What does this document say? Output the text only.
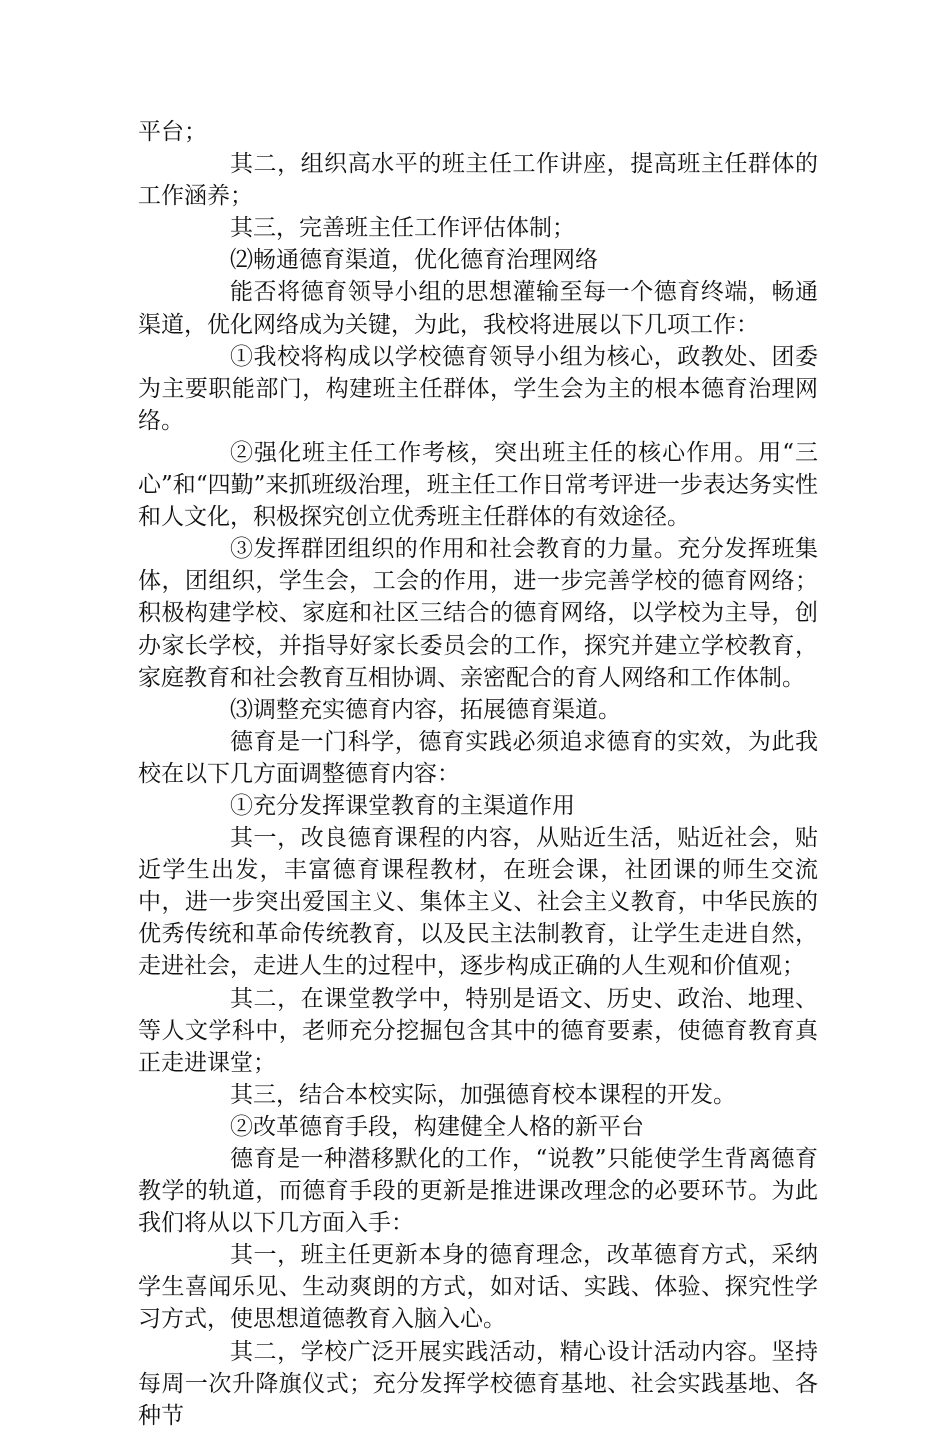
平台；

其二，组织高水平的班主任工作讲座，提高班主任群体的工作涵养；

其三，完善班主任工作评估体制；

⑵畅通德育渠道，优化德育治理网络

能否将德育领导小组的思想灌输至每一个德育终端，畅通渠道，优化网络成为关键，为此，我校将进展以下几项工作：

①我校将构成以学校德育领导小组为核心，政教处、团委为主要职能部门，构建班主任群体，学生会为主的根本德育治理网络。

②强化班主任工作考核，突出班主任的核心作用。用“三心”和“四勤”来抓班级治理，班主任工作日常考评进一步表达务实性和人文化，积极探究创立优秀班主任群体的有效途径。

③发挥群团组织的作用和社会教育的力量。充分发挥班集体，团组织，学生会，工会的作用，进一步完善学校的德育网络；积极构建学校、家庭和社区三结合的德育网络，以学校为主导，创办家长学校，并指导好家长委员会的工作，探究并建立学校教育，家庭教育和社会教育互相协调、亲密配合的育人网络和工作体制。

⑶调整充实德育内容，拓展德育渠道。

德育是一门科学，德育实践必须追求德育的实效，为此我校在以下几方面调整德育内容：

①充分发挥课堂教育的主渠道作用

其一，改良德育课程的内容，从贴近生活，贴近社会，贴近学生出发，丰富德育课程教材，在班会课，社团课的师生交流中，进一步突出爱国主义、集体主义、社会主义教育，中华民族的优秀传统和革命传统教育，以及民主法制教育，让学生走进自然，走进社会，走进人生的过程中，逐步构成正确的人生观和价值观；

其二，在课堂教学中，特别是语文、历史、政治、地理、等人文学科中，老师充分挖掘包含其中的德育要素，使德育教育真正走进课堂；

其三，结合本校实际，加强德育校本课程的开发。

②改革德育手段，构建健全人格的新平台

德育是一种潜移默化的工作，“说教”只能使学生背离德育教学的轨道，而德育手段的更新是推进课改理念的必要环节。为此我们将从以下几方面入手：

其一，班主任更新本身的德育理念，改革德育方式，采纳学生喜闻乐见、生动爽朗的方式，如对话、实践、体验、探究性学习方式，使思想道德教育入脑入心。

其二，学校广泛开展实践活动，精心设计活动内容。坚持每周一次升降旗仪式；充分发挥学校德育基地、社会实践基地、各种节
